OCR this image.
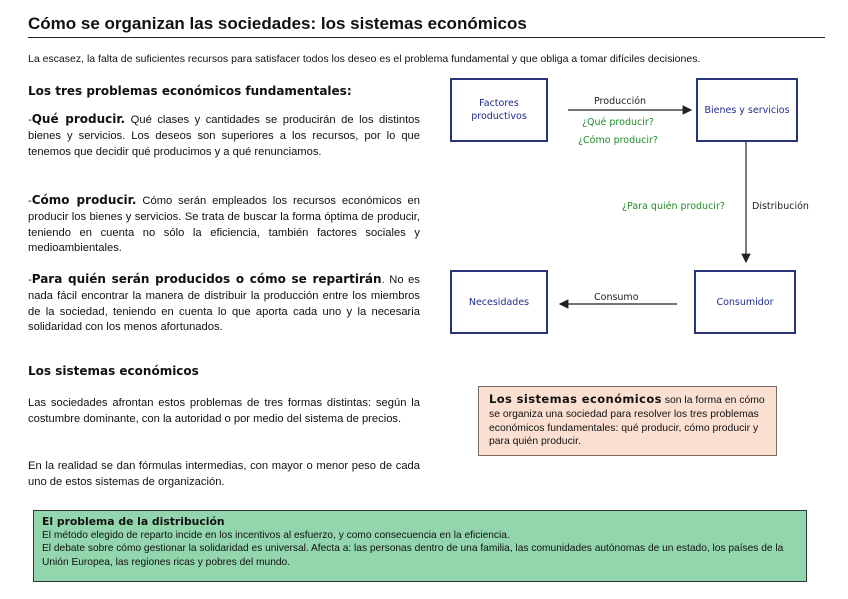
Cómo se organizan las sociedades: los sistemas económicos
La escasez, la falta de suficientes recursos para satisfacer todos los deseo es el problema fundamental y que obliga a tomar difíciles decisiones.
Los tres problemas económicos fundamentales:
-Qué producir. Qué clases y cantidades se producirán de los distintos bienes y servicios. Los deseos son superiores a los recursos, por lo que tenemos que decidir qué producimos y a qué renunciamos.
-Cómo producir. Cómo serán empleados los recursos económicos en producir los bienes y servicios. Se trata de buscar la forma óptima de producir, teniendo en cuenta no sólo la eficiencia, también factores sociales y medioambientales.
-Para quién serán producidos o cómo se repartirán. No es nada fácil encontrar la manera de distribuir la producción entre los miembros de la sociedad, teniendo en cuenta lo que aporta cada uno y la necesaria solidaridad con los menos afortunados.
Los sistemas económicos
Las sociedades afrontan estos problemas de tres formas distintas: según la costumbre dominante, con la autoridad o por medio del sistema de precios.
En la realidad se dan fórmulas intermedias, con mayor o menor peso de cada uno de estos sistemas de organización.
Factores productivos
Bienes y servicios
Necesidades	Consumidor
Producción
¿Qué producir?
¿Cómo producir?
¿Para quién producir?	Distribución
Consumo
Los sistemas económicos son la forma en cómo se organiza una sociedad para resolver los tres problemas económicos fundamentales: qué producir, cómo producir y para quién producir.
El problema de la distribución
El método elegido de reparto incide en los incentivos al esfuerzo, y como consecuencia en la eficiencia.
El debate sobre cómo gestionar la solidaridad es universal. Afecta a: las personas dentro de una familia, las comunidades autónomas de un estado, los países de la Unión Europea, las regiones ricas y pobres del mundo.
